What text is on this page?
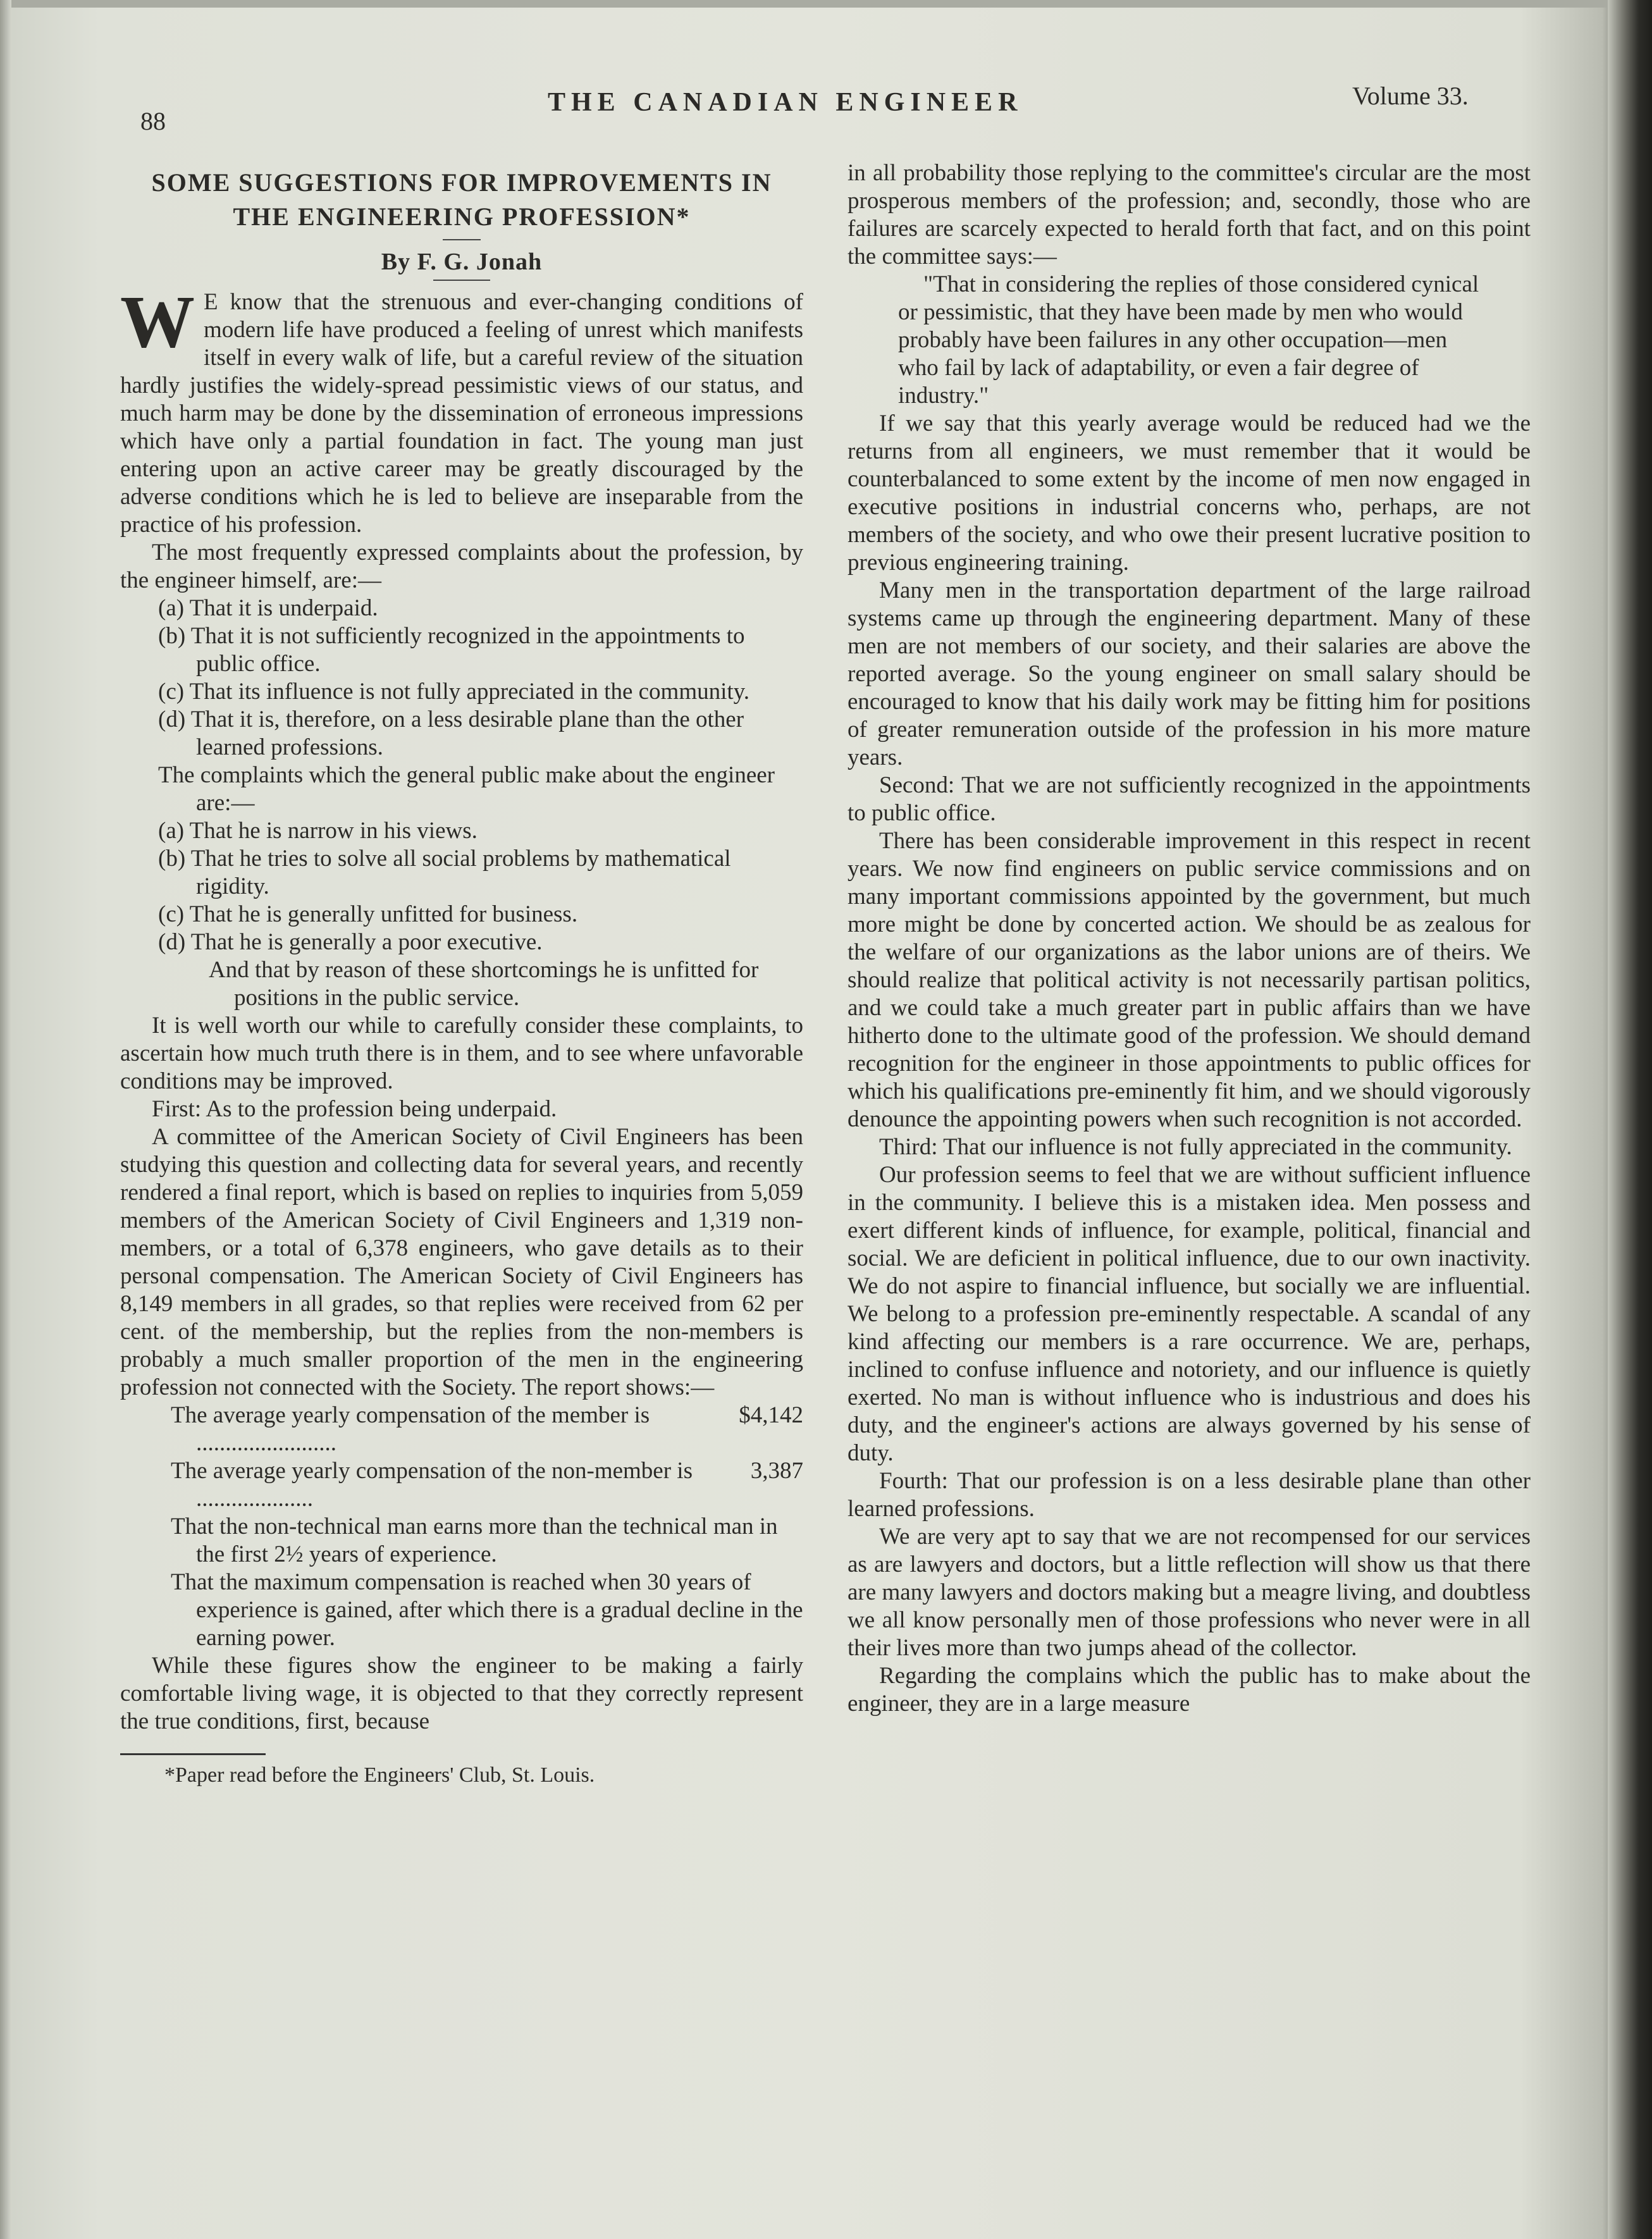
88
THE CANADIAN ENGINEER	Volume 33.
SOME SUGGESTIONS FOR IMPROVEMENTS IN
THE ENGINEERING PROFESSION*
By F. G. Jonah

W E know that the strenuous and ever-changing conditions of modern life have produced a feeling of unrest which manifests itself in every walk of life, but a careful review of the situation hardly justifies the widely-spread pessimistic views of our status, and much harm may be done by the dissemination of erroneous impressions which have only a partial foundation in fact. The young man just entering upon an active career may be greatly discouraged by the adverse conditions which he is led to believe are inseparable from the practice of his profession.

The most frequently expressed complaints about the profession, by the engineer himself, are:—

(a) That it is underpaid.
(b) That it is not sufficiently recognized in the appointments to public office.
(c) That its influence is not fully appreciated in the community.
(d) That it is, therefore, on a less desirable plane than the other learned professions.
The complaints which the general public make about the engineer are:—
(a) That he is narrow in his views.
(b) That he tries to solve all social problems by mathematical rigidity.
(c) That he is generally unfitted for business.
(d) That he is generally a poor executive.
And that by reason of these shortcomings he is unfitted for positions in the public service.

It is well worth our while to carefully consider these complaints, to ascertain how much truth there is in them, and to see where unfavorable conditions may be improved.

First: As to the profession being underpaid.

A committee of the American Society of Civil Engineers has been studying this question and collecting data for several years, and recently rendered a final report, which is based on replies to inquiries from 5,059 members of the American Society of Civil Engineers and 1,319 non-members, or a total of 6,378 engineers, who gave details as to their personal compensation. The American Society of Civil Engineers has 8,149 members in all grades, so that replies were received from 62 per cent. of the membership, but the replies from the non-members is probably a much smaller proportion of the men in the engineering profession not connected with the Society. The report shows:—

$4,142
The average yearly compensation of the member is ........................
3,387
The average yearly compensation of the non-member is ....................
That the non-technical man earns more than the technical man in the first 2½ years of experience.
That the maximum compensation is reached when 30 years of experience is gained, after which there is a gradual decline in the earning power.

While these figures show the engineer to be making a fairly comfortable living wage, it is objected to that they correctly represent the true conditions, first, because

*Paper read before the Engineers' Club, St. Louis.

in all probability those replying to the committee's circular are the most prosperous members of the profession; and, secondly, those who are failures are scarcely expected to herald forth that fact, and on this point the committee says:—

"That in considering the replies of those considered cynical or pessimistic, that they have been made by men who would probably have been failures in any other occupation—men who fail by lack of adaptability, or even a fair degree of industry."

If we say that this yearly average would be reduced had we the returns from all engineers, we must remember that it would be counterbalanced to some extent by the income of men now engaged in executive positions in industrial concerns who, perhaps, are not members of the society, and who owe their present lucrative position to previous engineering training.

Many men in the transportation department of the large railroad systems came up through the engineering department. Many of these men are not members of our society, and their salaries are above the reported average. So the young engineer on small salary should be encouraged to know that his daily work may be fitting him for positions of greater remuneration outside of the profession in his more mature years.

Second: That we are not sufficiently recognized in the appointments to public office.

There has been considerable improvement in this respect in recent years. We now find engineers on public service commissions and on many important commissions appointed by the government, but much more might be done by concerted action. We should be as zealous for the welfare of our organizations as the labor unions are of theirs. We should realize that political activity is not necessarily partisan politics, and we could take a much greater part in public affairs than we have hitherto done to the ultimate good of the profession. We should demand recognition for the engineer in those appointments to public offices for which his qualifications pre-eminently fit him, and we should vigorously denounce the appointing powers when such recognition is not accorded.

Third: That our influence is not fully appreciated in the community.

Our profession seems to feel that we are without sufficient influence in the community. I believe this is a mistaken idea. Men possess and exert different kinds of influence, for example, political, financial and social. We are deficient in political influence, due to our own inactivity. We do not aspire to financial influence, but socially we are influential. We belong to a profession pre-eminently respectable. A scandal of any kind affecting our members is a rare occurrence. We are, perhaps, inclined to confuse influence and notoriety, and our influence is quietly exerted. No man is without influence who is industrious and does his duty, and the engineer's actions are always governed by his sense of duty.

Fourth: That our profession is on a less desirable plane than other learned professions.

We are very apt to say that we are not recompensed for our services as are lawyers and doctors, but a little reflection will show us that there are many lawyers and doctors making but a meagre living, and doubtless we all know personally men of those professions who never were in all their lives more than two jumps ahead of the collector.

Regarding the complains which the public has to make about the engineer, they are in a large measure
